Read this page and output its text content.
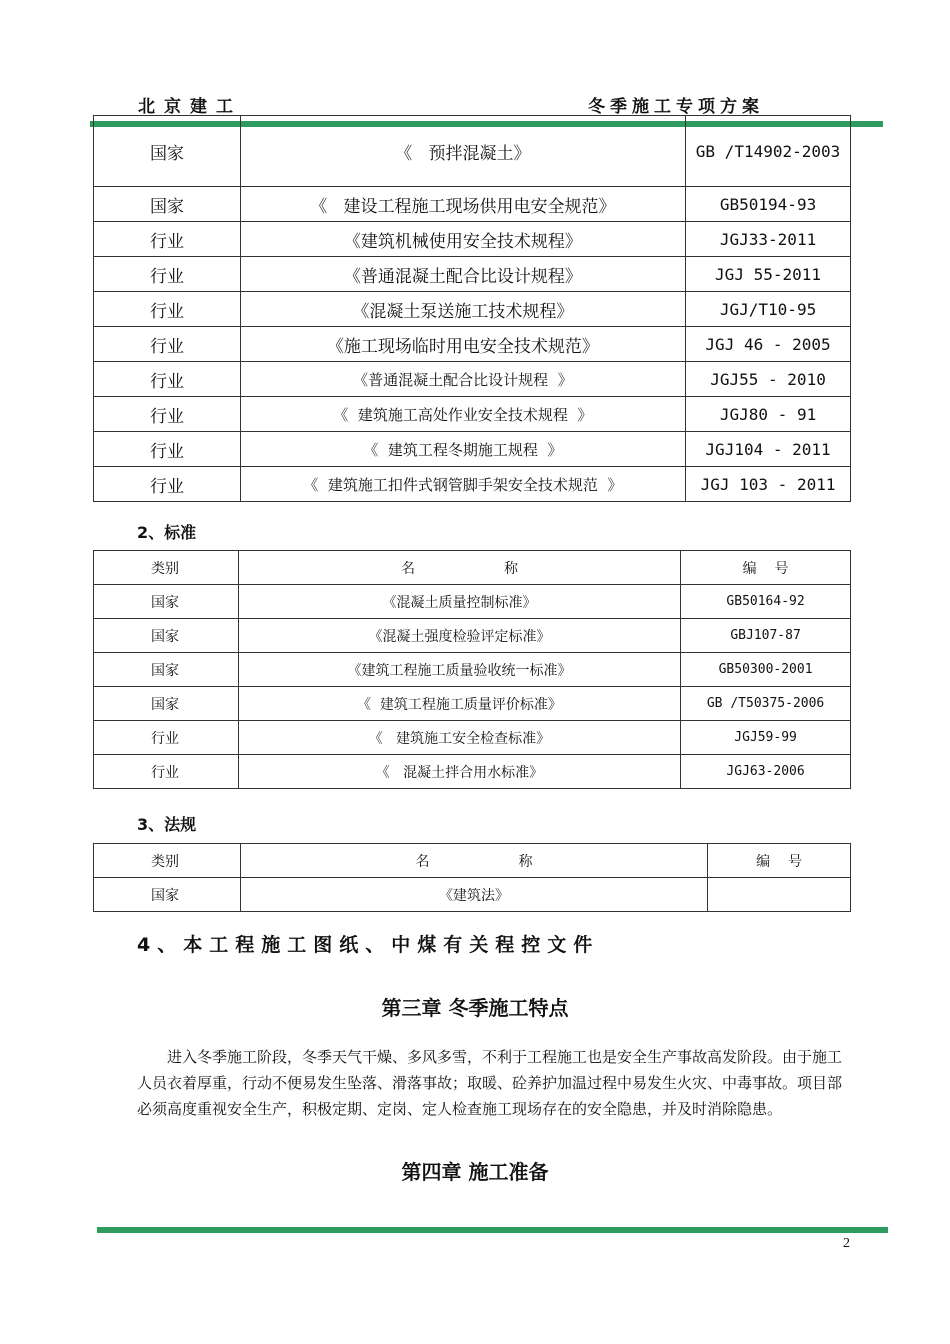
北京建工	冬季施工专项方案
国家	《   预拌混凝土》	GB /T14902-2003
国家	《   建设工程施工现场供用电安全规范》	GB50194-93
行业	《建筑机械使用安全技术规程》	JGJ33-2011
行业	《普通混凝土配合比设计规程》	JGJ 55-2011
行业	《混凝土泵送施工技术规程》	JGJ/T10-95
行业	《施工现场临时用电安全技术规范》	JGJ 46 - 2005
行业	《普通混凝土配合比设计规程  》	JGJ55 - 2010
行业	《  建筑施工高处作业安全技术规程  》	JGJ80 - 91
行业	《  建筑工程冬期施工规程  》	JGJ104 - 2011
行业	《  建筑施工扣件式钢管脚手架安全技术规范  》	JGJ 103 - 2011
2、标准
类别	名                    称	编    号
国家	《混凝土质量控制标准》	GB50164-92
国家	《混凝土强度检验评定标准》	GBJ107-87
国家	《建筑工程施工质量验收统一标准》	GB50300-2001
国家	《  建筑工程施工质量评价标准》	GB /T50375-2006
行业	《   建筑施工安全检查标准》	JGJ59-99
行业	《   混凝土拌合用水标准》	JGJ63-2006
3、法规
类别	名                    称	编    号
国家	《建筑法》	
4、本工程施工图纸、中煤有关程控文件
第三章 冬季施工特点
进入冬季施工阶段，冬季天气干燥、多风多雪，不利于工程施工也是安全生产事故高发阶段。由于施工人员衣着厚重，行动不便易发生坠落、滑落事故；取暖、砼养护加温过程中易发生火灾、中毒事故。项目部必须高度重视安全生产，积极定期、定岗、定人检查施工现场存在的安全隐患，并及时消除隐患。
第四章 施工准备
2
